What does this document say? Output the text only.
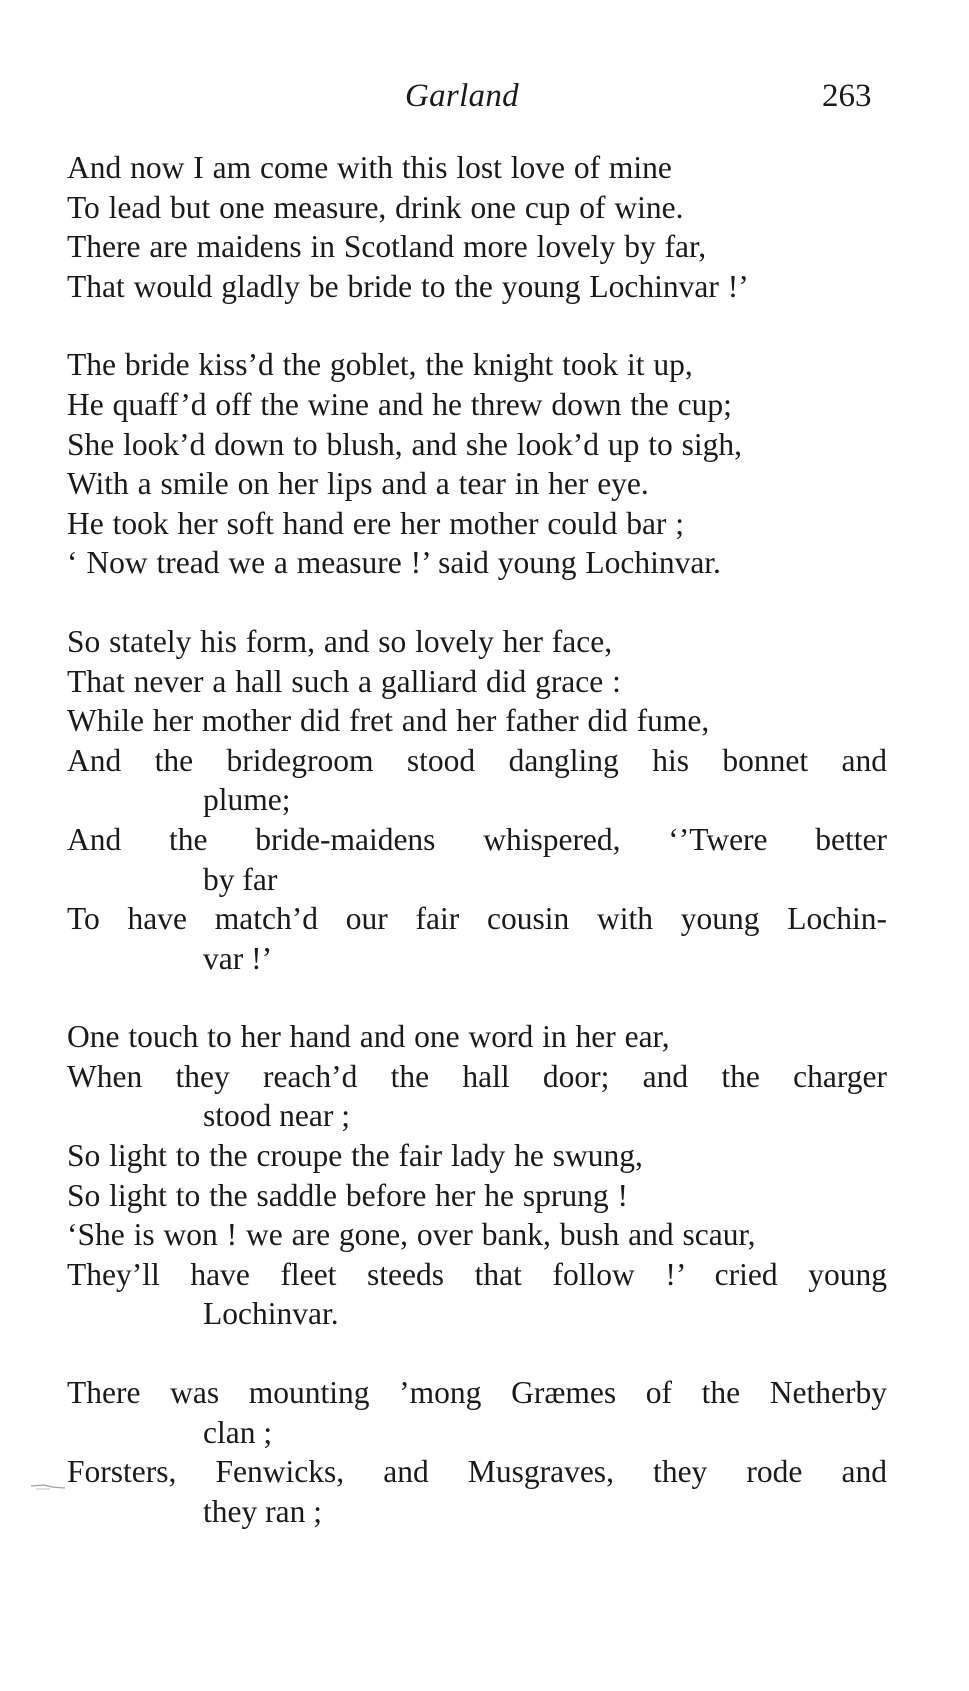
Garland	263
And now I am come with this lost love of mine
To lead but one measure, drink one cup of wine.
There are maidens in Scotland more lovely by far,
That would gladly be bride to the young Lochinvar !’
The bride kiss’d the goblet, the knight took it up,
He quaff’d off the wine and he threw down the cup;
She look’d down to blush, and she look’d up to sigh,
With a smile on her lips and a tear in her eye.
He took her soft hand ere her mother could bar ;
‘ Now tread we a measure !’ said young Lochinvar.
So stately his form, and so lovely her face,
That never a hall such a galliard did grace :
While her mother did fret and her father did fume,
And the bridegroom stood dangling his bonnet and
plume;
And the bride-maidens whispered, ‘’Twere better
by far
To have match’d our fair cousin with young Lochin-
var !’
One touch to her hand and one word in her ear,
When they reach’d the hall door; and the charger
stood near ;
So light to the croupe the fair lady he swung,
So light to the saddle before her he sprung !
‘She is won ! we are gone, over bank, bush and scaur,
They’ll have fleet steeds that follow !’ cried young
Lochinvar.
There was mounting ’mong Græmes of the Netherby
clan ;
Forsters, Fenwicks, and Musgraves, they rode and
they ran ;
